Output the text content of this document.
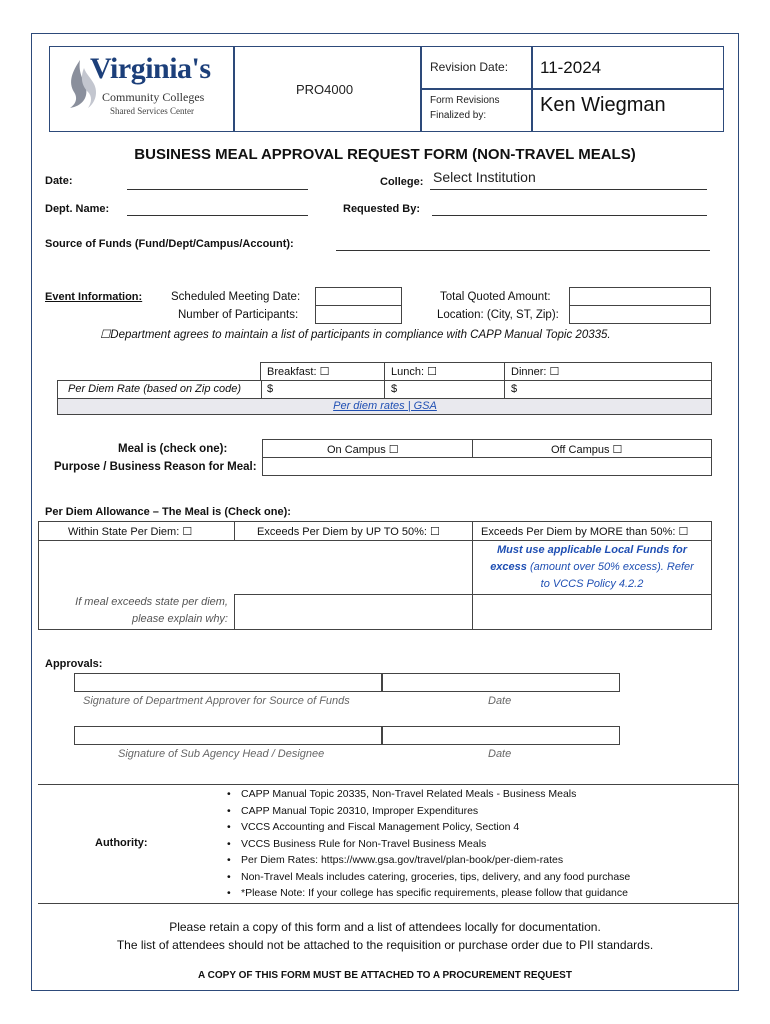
Virginia's
Community Colleges
Shared Services Center
PRO4000
Revision Date: 11-2024
Form Revisions
Finalized by:	Ken Wiegman
BUSINESS MEAL APPROVAL REQUEST FORM (NON-TRAVEL MEALS)
Date:	College: Select Institution
Dept. Name:	Requested By:
Source of Funds (Fund/Dept/Campus/Account):
Event Information:	Scheduled Meeting Date:
Number of Participants:
Total Quoted Amount:
Location: (City, ST, Zip):
☐Department agrees to maintain a list of participants in compliance with CAPP Manual Topic 20335.
Breakfast: ☐	Lunch: ☐	Dinner: ☐
Per Diem Rate (based on Zip code) $	$	$
Per diem rates | GSA
Meal is (check one):	On Campus ☐	Off Campus ☐
Purpose / Business Reason for Meal:
Per Diem Allowance – The Meal is (Check one):
Within State Per Diem: ☐	Exceeds Per Diem by UP TO 50%: ☐	Exceeds Per Diem by MORE than 50%: ☐
Must use applicable Local Funds for
excess (amount over 50% excess). Refer
to VCCS Policy 4.2.2
If meal exceeds state per diem,
please explain why:
Approvals:
Signature of Department Approver for Source of Funds	Date
Signature of Sub Agency Head / Designee	Date
Authority:
• CAPP Manual Topic 20335, Non-Travel Related Meals - Business Meals
• CAPP Manual Topic 20310, Improper Expenditures
• VCCS Accounting and Fiscal Management Policy, Section 4
• VCCS Business Rule for Non-Travel Business Meals
• Per Diem Rates: https://www.gsa.gov/travel/plan-book/per-diem-rates
• Non-Travel Meals includes catering, groceries, tips, delivery, and any food purchase
• *Please Note: If your college has specific requirements, please follow that guidance
Please retain a copy of this form and a list of attendees locally for documentation.
The list of attendees should not be attached to the requisition or purchase order due to PII standards.
A COPY OF THIS FORM MUST BE ATTACHED TO A PROCUREMENT REQUEST
